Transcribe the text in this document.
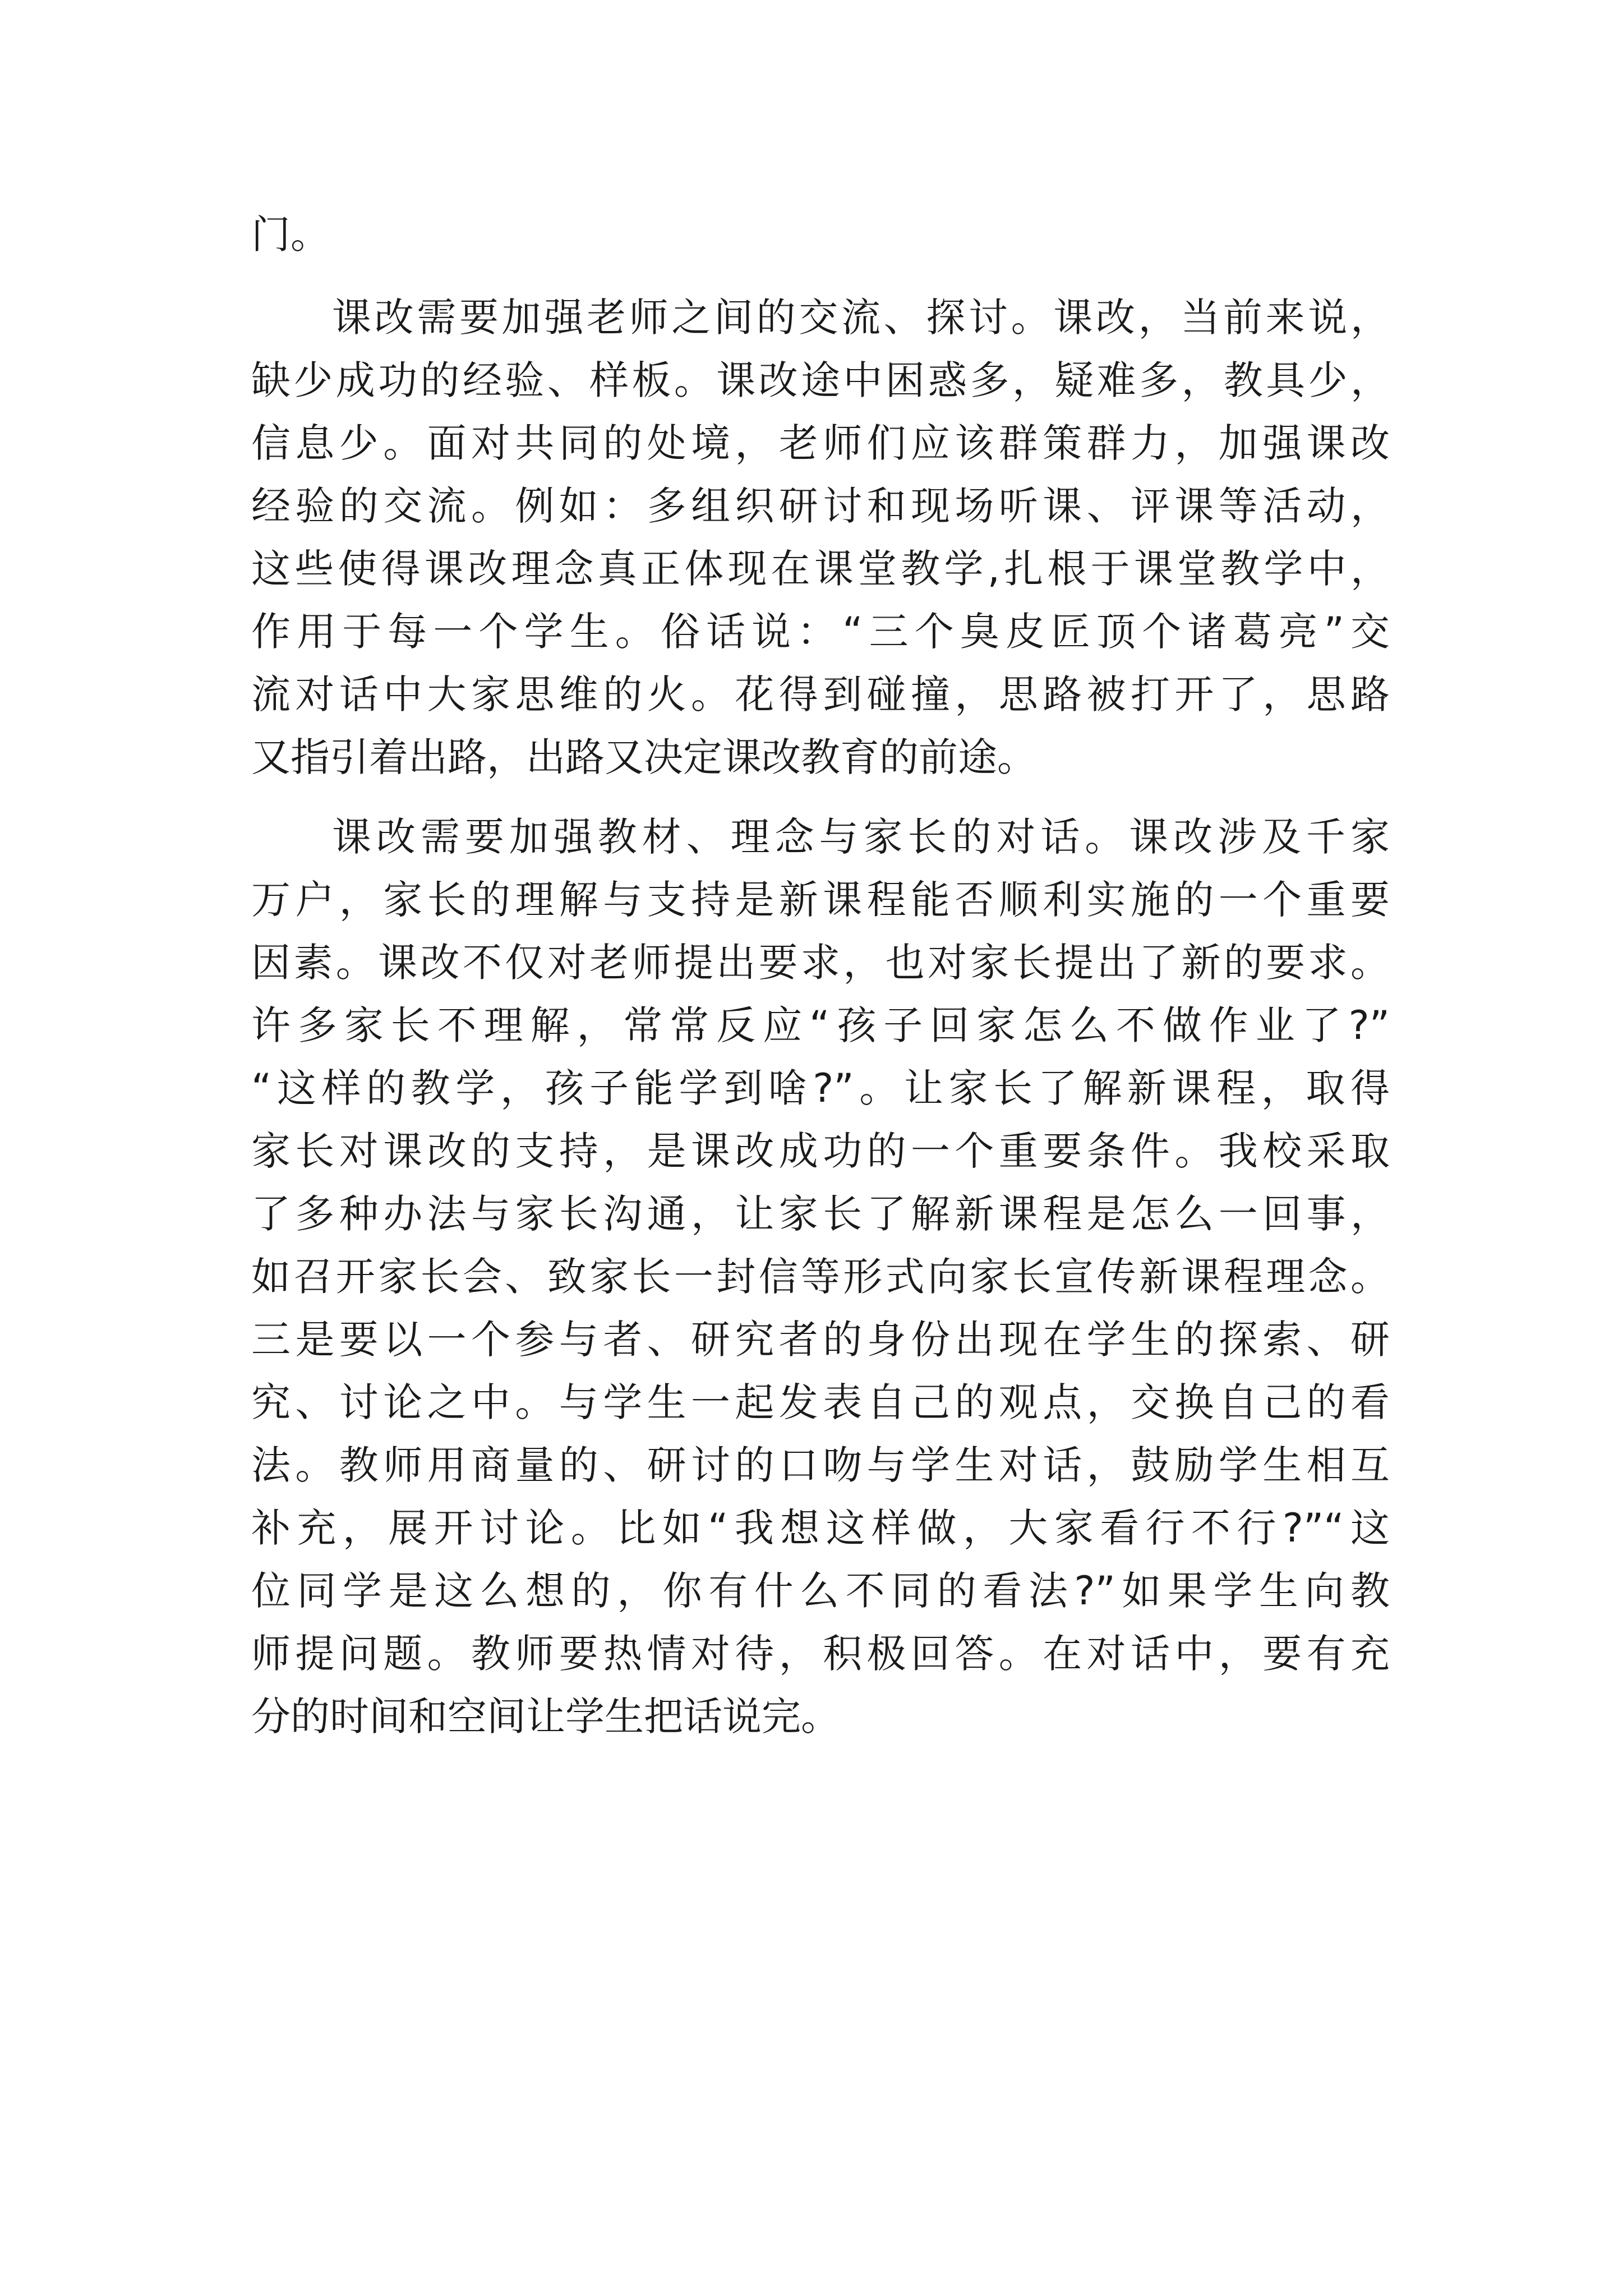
门。

课改需要加强老师之间的交流、探讨。课改，当前来说，

缺少成功的经验、样板。课改途中困惑多，疑难多，教具少，

信息少。面对共同的处境，老师们应该群策群力，加强课改

经验的交流。例如：多组织研讨和现场听课、评课等活动，

这些使得课改理念真正体现在课堂教学,扎根于课堂教学中，

作用于每一个学生。俗话说：“三个臭皮匠顶个诸葛亮”交

流对话中大家思维的火。花得到碰撞，思路被打开了，思路

又指引着出路，出路又决定课改教育的前途。

课改需要加强教材、理念与家长的对话。课改涉及千家

万户，家长的理解与支持是新课程能否顺利实施的一个重要

因素。课改不仅对老师提出要求，也对家长提出了新的要求。

许多家长不理解，常常反应“孩子回家怎么不做作业了?”

“这样的教学，孩子能学到啥?”。让家长了解新课程，取得

家长对课改的支持，是课改成功的一个重要条件。我校采取

了多种办法与家长沟通，让家长了解新课程是怎么一回事，

如召开家长会、致家长一封信等形式向家长宣传新课程理念。

三是要以一个参与者、研究者的身份出现在学生的探索、研

究、讨论之中。与学生一起发表自己的观点，交换自己的看

法。教师用商量的、研讨的口吻与学生对话，鼓励学生相互

补充，展开讨论。比如“我想这样做，大家看行不行?”“这

位同学是这么想的，你有什么不同的看法?”如果学生向教

师提问题。教师要热情对待，积极回答。在对话中，要有充

分的时间和空间让学生把话说完。
